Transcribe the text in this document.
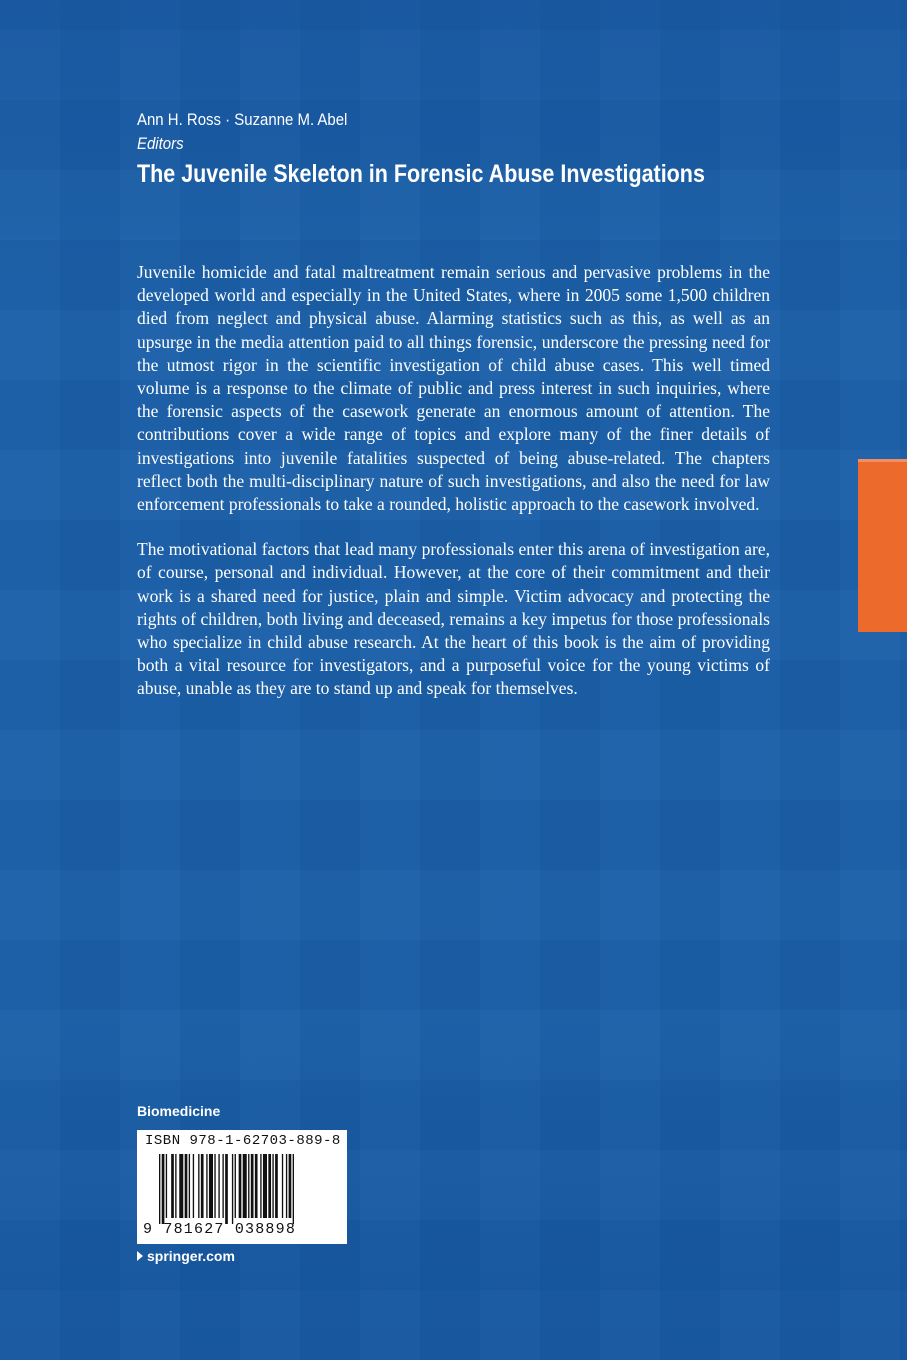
Ann H. Ross · Suzanne M. Abel
Editors
The Juvenile Skeleton in Forensic Abuse Investigations

Juvenile homicide and fatal maltreatment remain serious and pervasive problems in the developed world and especially in the United States, where in 2005 some 1,500 children died from neglect and physical abuse. Alarming statistics such as this, as well as an upsurge in the media attention paid to all things forensic, underscore the pressing need for the utmost rigor in the scientific investigation of child abuse cases. This well timed volume is a response to the climate of public and press interest in such inquiries, where the forensic aspects of the casework generate an enormous amount of attention. The contributions cover a wide range of topics and explore many of the finer details of investigations into juvenile fatalities suspected of being abuse-related. The chapters reflect both the multi-disciplinary nature of such investigations, and also the need for law enforcement professionals to take a rounded, holistic approach to the casework involved.

The motivational factors that lead many professionals enter this arena of investigation are, of course, personal and individual. However, at the core of their commitment and their work is a shared need for justice, plain and simple. Victim advocacy and protecting the rights of children, both living and deceased, remains a key impetus for those professionals who specialize in child abuse research. At the heart of this book is the aim of providing both a vital resource for investigators, and a purposeful voice for the young victims of abuse, unable as they are to stand up and speak for themselves.

Biomedicine
ISBN 978-1-62703-889-8
9 781627 038898
springer.com
